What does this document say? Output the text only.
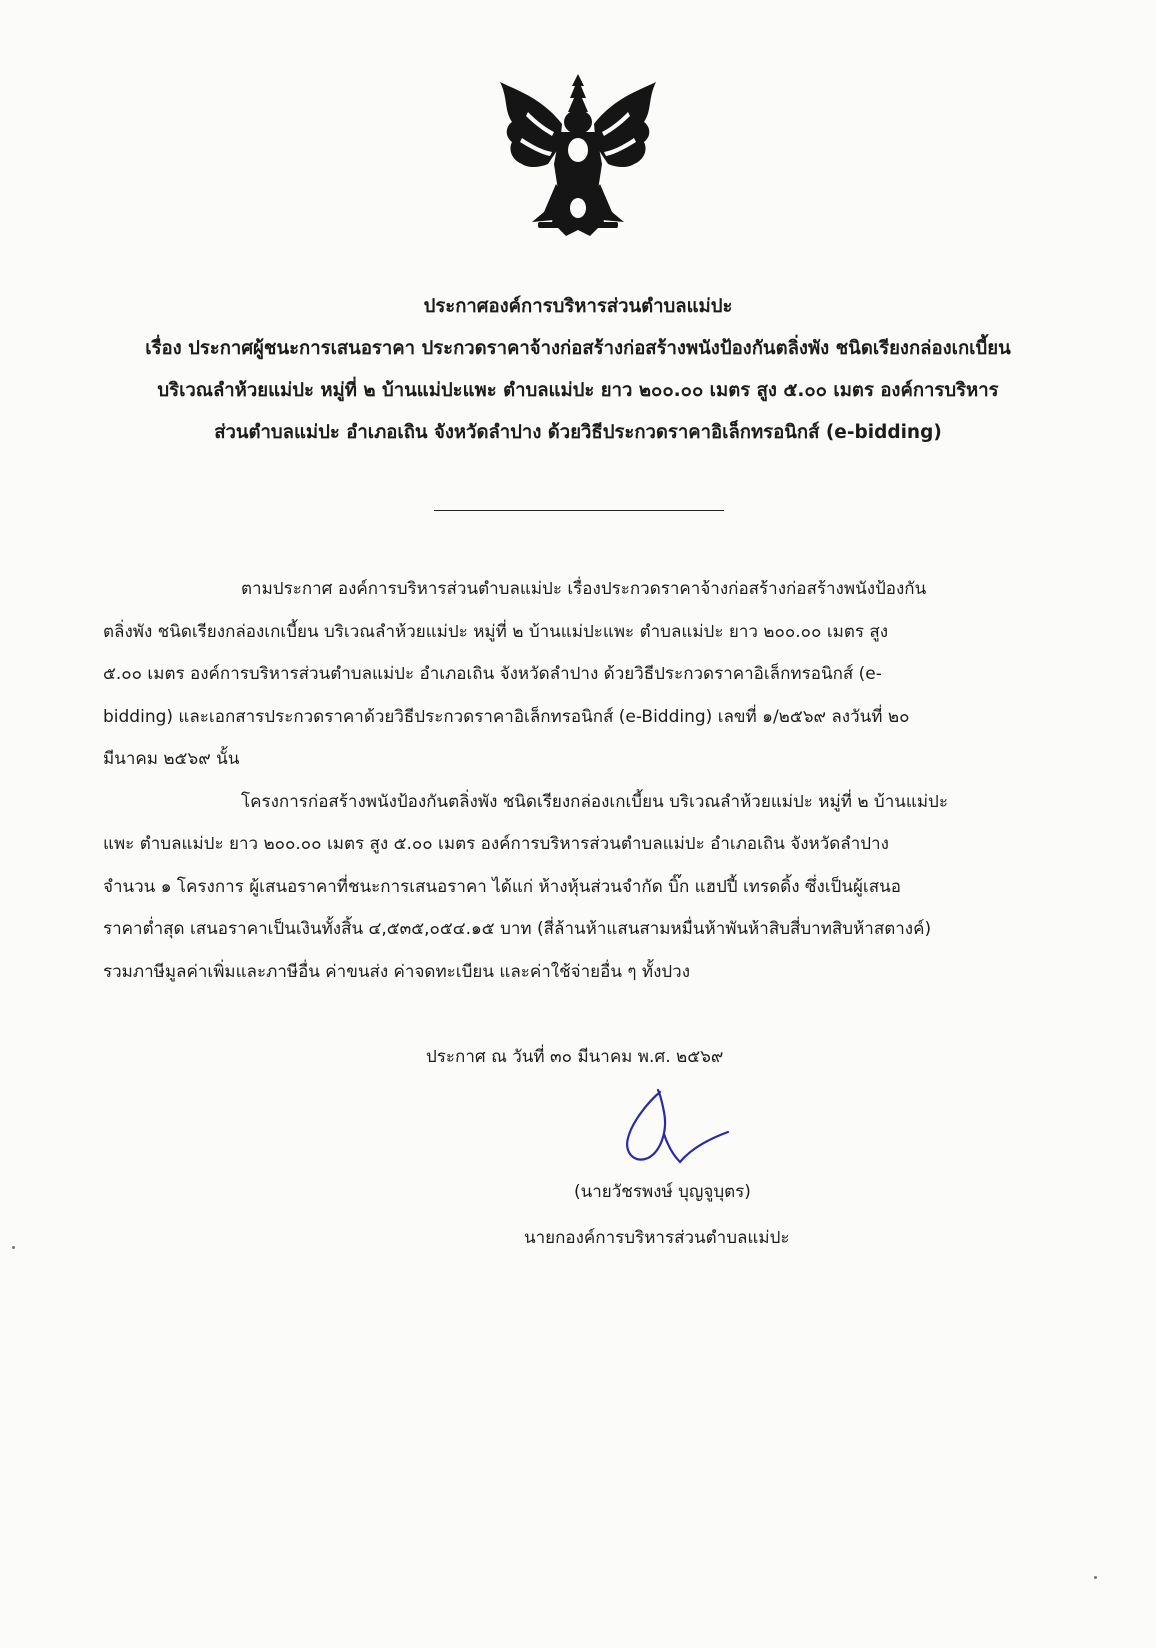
ประกาศองค์การบริหารส่วนตำบลแม่ปะ

เรื่อง ประกาศผู้ชนะการเสนอราคา ประกวดราคาจ้างก่อสร้างก่อสร้างพนังป้องกันตลิ่งพัง ชนิดเรียงกล่องเกเบี้ยน

บริเวณลำห้วยแม่ปะ หมู่ที่ ๒ บ้านแม่ปะแพะ ตำบลแม่ปะ ยาว ๒๐๐.๐๐ เมตร สูง ๕.๐๐ เมตร องค์การบริหาร

ส่วนตำบลแม่ปะ อำเภอเถิน จังหวัดลำปาง ด้วยวิธีประกวดราคาอิเล็กทรอนิกส์ (e-bidding)

ตามประกาศ องค์การบริหารส่วนตำบลแม่ปะ เรื่องประกวดราคาจ้างก่อสร้างก่อสร้างพนังป้องกัน

ตลิ่งพัง ชนิดเรียงกล่องเกเบี้ยน บริเวณลำห้วยแม่ปะ หมู่ที่ ๒ บ้านแม่ปะแพะ ตำบลแม่ปะ ยาว ๒๐๐.๐๐ เมตร สูง

๕.๐๐ เมตร องค์การบริหารส่วนตำบลแม่ปะ อำเภอเถิน จังหวัดลำปาง ด้วยวิธีประกวดราคาอิเล็กทรอนิกส์ (e-

bidding) และเอกสารประกวดราคาด้วยวิธีประกวดราคาอิเล็กทรอนิกส์ (e-Bidding) เลขที่ ๑/๒๕๖๙ ลงวันที่ ๒๐

มีนาคม ๒๕๖๙ นั้น

โครงการก่อสร้างพนังป้องกันตลิ่งพัง ชนิดเรียงกล่องเกเบี้ยน บริเวณลำห้วยแม่ปะ หมู่ที่ ๒ บ้านแม่ปะ

แพะ ตำบลแม่ปะ ยาว ๒๐๐.๐๐ เมตร สูง ๕.๐๐ เมตร องค์การบริหารส่วนตำบลแม่ปะ อำเภอเถิน จังหวัดลำปาง

จำนวน ๑ โครงการ ผู้เสนอราคาที่ชนะการเสนอราคา ได้แก่ ห้างหุ้นส่วนจำกัด บิ๊ก แฮปปี้ เทรดดิ้ง ซึ่งเป็นผู้เสนอ

ราคาต่ำสุด เสนอราคาเป็นเงินทั้งสิ้น ๔,๕๓๕,๐๕๔.๑๕ บาท (สี่ล้านห้าแสนสามหมื่นห้าพันห้าสิบสี่บาทสิบห้าสตางค์)

รวมภาษีมูลค่าเพิ่มและภาษีอื่น ค่าขนส่ง ค่าจดทะเบียน และค่าใช้จ่ายอื่น ๆ ทั้งปวง

ประกาศ ณ วันที่ ๓๐ มีนาคม พ.ศ. ๒๕๖๙
(นายวัชรพงษ์ บุญจูบุตร)
นายกองค์การบริหารส่วนตำบลแม่ปะ
